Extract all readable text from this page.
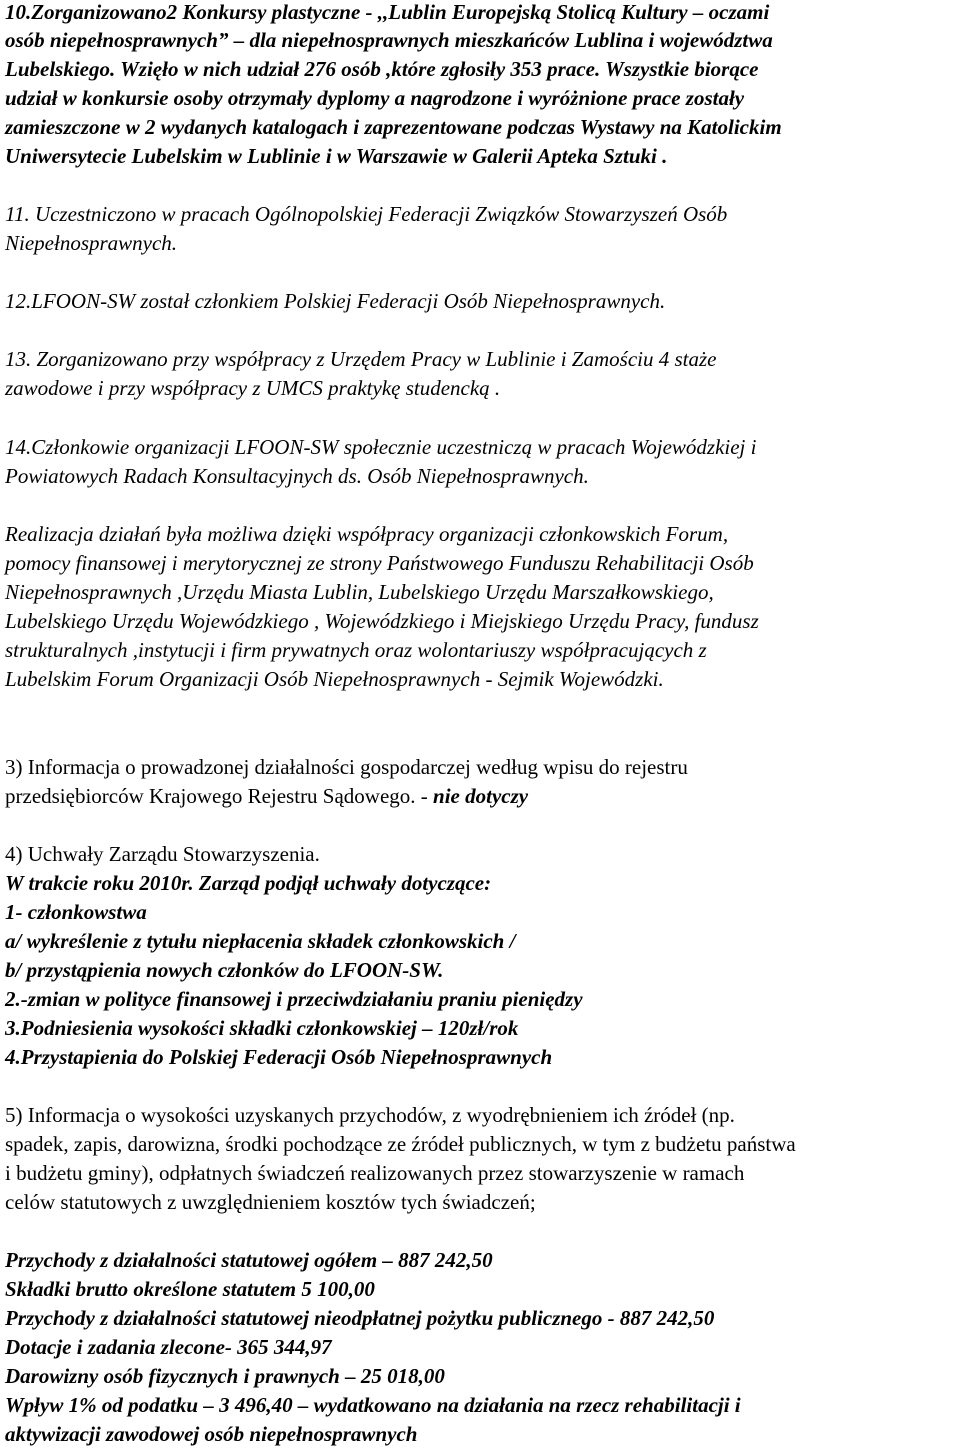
10.Zorganizowano2 Konkursy plastyczne - ,,Lublin Europejską Stolicą Kultury – oczami
osób niepełnosprawnych” – dla niepełnosprawnych mieszkańców Lublina i województwa
Lubelskiego. Wzięło w nich udział 276 osób ,które zgłosiły 353 prace. Wszystkie biorące
udział w konkursie osoby otrzymały dyplomy a nagrodzone i wyróżnione prace zostały
zamieszczone w 2 wydanych katalogach i zaprezentowane podczas Wystawy na Katolickim
Uniwersytecie Lubelskim w Lublinie i w Warszawie w Galerii Apteka Sztuki .
11. Uczestniczono w pracach Ogólnopolskiej Federacji Związków Stowarzyszeń Osób
Niepełnosprawnych.
12.LFOON-SW został członkiem Polskiej Federacji Osób Niepełnosprawnych.
13. Zorganizowano przy współpracy z Urzędem Pracy w Lublinie i Zamościu 4 staże
zawodowe i przy współpracy z UMCS praktykę studencką .
14.Członkowie organizacji LFOON-SW społecznie uczestniczą w pracach Wojewódzkiej i
Powiatowych Radach Konsultacyjnych ds. Osób Niepełnosprawnych.
Realizacja działań była możliwa dzięki współpracy organizacji członkowskich Forum,
pomocy finansowej i merytorycznej ze strony Państwowego Funduszu Rehabilitacji Osób
Niepełnosprawnych ,Urzędu Miasta Lublin, Lubelskiego Urzędu Marszałkowskiego,
Lubelskiego Urzędu Wojewódzkiego , Wojewódzkiego i Miejskiego Urzędu Pracy, fundusz
strukturalnych ,instytucji i firm prywatnych oraz wolontariuszy współpracujących z
Lubelskim Forum Organizacji Osób Niepełnosprawnych - Sejmik Wojewódzki.
3) Informacja o prowadzonej działalności gospodarczej według wpisu do rejestru
przedsiębiorców Krajowego Rejestru Sądowego. - nie dotyczy
4) Uchwały Zarządu Stowarzyszenia.
W trakcie roku 2010r. Zarząd podjął uchwały dotyczące:
1- członkowstwa
a/ wykreślenie z tytułu niepłacenia składek członkowskich /
b/ przystąpienia nowych członków do LFOON-SW.
2.-zmian w polityce finansowej i przeciwdziałaniu praniu pieniędzy
3.Podniesienia wysokości składki członkowskiej – 120zł/rok
4.Przystapienia do Polskiej Federacji Osób Niepełnosprawnych
5) Informacja o wysokości uzyskanych przychodów, z wyodrębnieniem ich źródeł (np.
spadek, zapis, darowizna, środki pochodzące ze źródeł publicznych, w tym z budżetu państwa
i budżetu gminy), odpłatnych świadczeń realizowanych przez stowarzyszenie w ramach
celów statutowych z uwzględnieniem kosztów tych świadczeń;
Przychody z działalności statutowej ogółem – 887 242,50
Składki brutto określone statutem 5 100,00
Przychody z działalności statutowej nieodpłatnej pożytku publicznego - 887 242,50
Dotacje i zadania zlecone- 365 344,97
Darowizny osób fizycznych i prawnych – 25 018,00
Wpływ 1% od podatku – 3 496,40 – wydatkowano na działania na rzecz rehabilitacji i
aktywizacji zawodowej osób niepełnosprawnych
